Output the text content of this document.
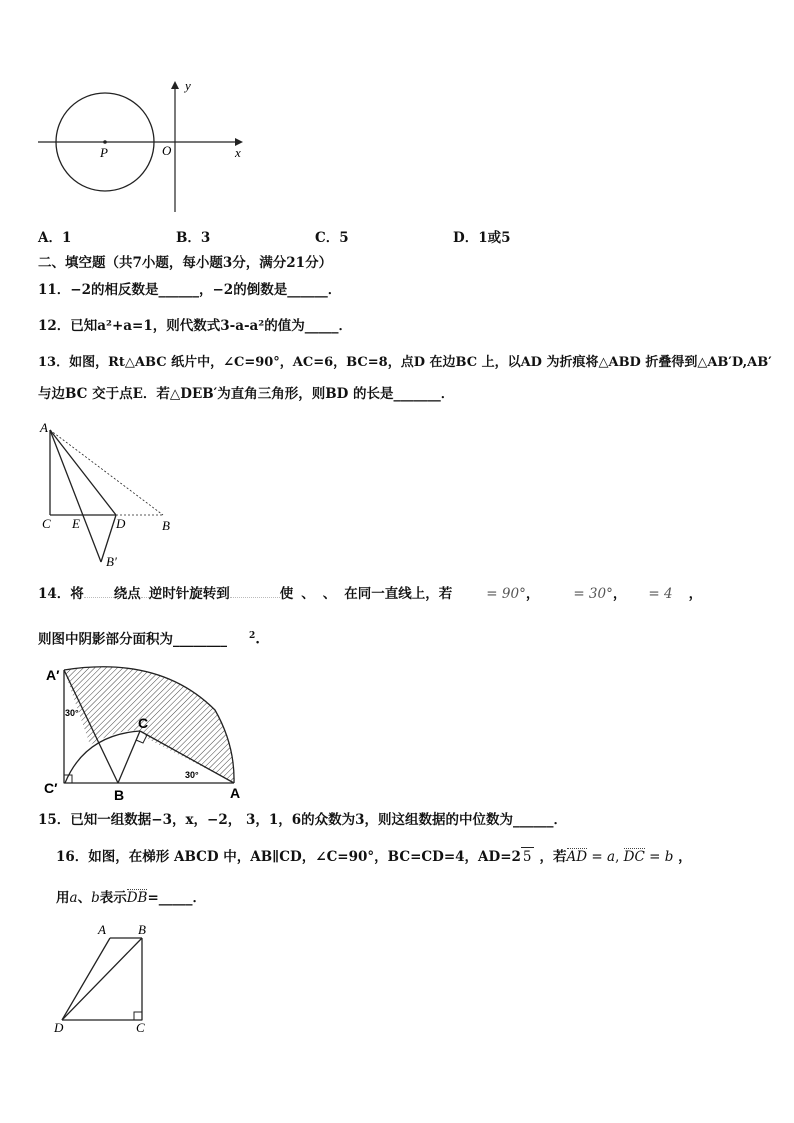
y
x
O
P
A．1	B．3	C．5	D．1或5
二、填空题（共7小题，每小题3分，满分21分）
11．−2的相反数是______，−2的倒数是______．
12．已知a²+a=1，则代数式3-a-a²的值为_____．
13．如图，Rt△ABC 纸片中，∠C=90°，AC=6，BC=8，点D 在边BC 上，以AD 为折痕将△ABD 折叠得到△AB′D,AB′
与边BC 交于点E．若△DEB′为直角三角形，则BD 的长是_______．
A
C E	D	B
B′
14．将 绕点 逆时针旋转到	使 、 、 在同一直线上，若	= 90°，	= 30°， = 4 ，
则图中阴影部分面积为________ $^2$.
A′
C
C′	B	A
30°
30°
15．已知一组数据−3，x，−2， 3，1，6的众数为3，则这组数据的中位数为______．
16．如图，在梯形 ABCD 中，AB∥CD，∠C=90°，BC=CD=4，AD=2 5 ，若AD = a, DC = b ，
用a、b表示DB=_____．
A B
C
D
